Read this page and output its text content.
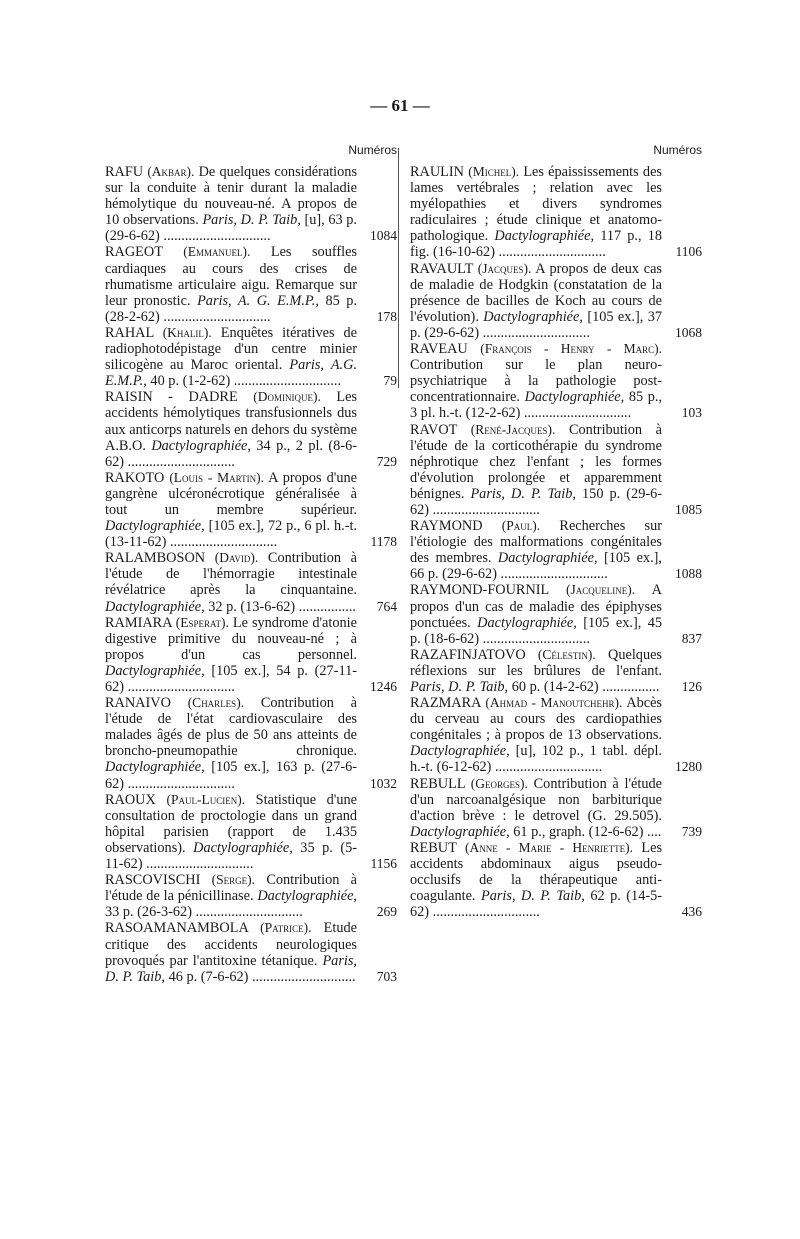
— 61 —
Numéros
RAFU (Akbar). De quelques considérations sur la conduite à tenir durant la maladie hémolytique du nouveau-né. A propos de 10 observations. Paris, D. P. Taib, [u], 63 p. (29-6-62) ..............................	1084
RAGEOT (Emmanuel). Les souffles cardiaques au cours des crises de rhumatisme articulaire aigu. Remarque sur leur pronostic. Paris, A. G. E.M.P., 85 p. (28-2-62) ..............................	178
RAHAL (Khalil). Enquêtes itératives de radiophotodépistage d'un centre minier silicogène au Maroc oriental. Paris, A.G. E.M.P., 40 p. (1-2-62) ..............................	79
RAISIN - DADRE (Dominique). Les accidents hémolytiques transfusionnels dus aux anticorps naturels en dehors du système A.B.O. Dactylographiée, 34 p., 2 pl. (8-6-62) ..............................	729
RAKOTO (Louis - Martin). A propos d'une gangrène ulcéronécrotique généralisée à tout un membre supérieur. Dactylographiée, [105 ex.], 72 p., 6 pl. h.-t. (13-11-62) ..............................	1178
RALAMBOSON (David). Contribution à l'étude de l'hémorragie intestinale révélatrice après la cinquantaine. Dactylographiée, 32 p. (13-6-62) ................ 764
RAMIARA (Esperat). Le syndrome d'atonie digestive primitive du nouveau-né ; à propos d'un cas personnel. Dactylographiée, [105 ex.], 54 p. (27-11-62) ..............................	1246
RANAIVO (Charles). Contribution à l'étude de l'état cardiovasculaire des malades âgés de plus de 50 ans atteints de broncho-pneumopathie chronique. Dactylographiée, [105 ex.], 163 p. (27-6-62) ..............................	1032
RAOUX (Paul-Lucien). Statistique d'une consultation de proctologie dans un grand hôpital parisien (rapport de 1.435 observations). Dactylographiée, 35 p. (5-11-62) ..............................	1156
RASCOVISCHI (Serge). Contribution à l'étude de la pénicillinase. Dactylographiée, 33 p. (26-3-62) ..............................	269
RASOAMANAMBOLA (Patrice). Etude critique des accidents neurologiques provoqués par l'antitoxine tétanique. Paris, D. P. Taib, 46 p. (7-6-62) ............................. 703
Numéros
RAULIN (Michel). Les épaississements des lames vertébrales ; relation avec les myélopathies et divers syndromes radiculaires ; étude clinique et anatomo-pathologique. Dactylographiée, 117 p., 18 fig. (16-10-62) ..............................	1106
RAVAULT (Jacques). A propos de deux cas de maladie de Hodgkin (constatation de la présence de bacilles de Koch au cours de l'évolution). Dactylographiée, [105 ex.], 37 p. (29-6-62) ..............................	1068
RAVEAU (François - Henry - Marc). Contribution sur le plan neuro-psychiatrique à la pathologie post-concentrationnaire. Dactylographiée, 85 p., 3 pl. h.-t. (12-2-62) ..............................	103
RAVOT (René-Jacques). Contribution à l'étude de la corticothérapie du syndrome néphrotique chez l'enfant ; les formes d'évolution prolongée et apparemment bénignes. Paris, D. P. Taib, 150 p. (29-6-62) ..............................	1085
RAYMOND (Paul). Recherches sur l'étiologie des malformations congénitales des membres. Dactylographiée, [105 ex.], 66 p. (29-6-62) ..............................	1088
RAYMOND-FOURNIL (Jacqueline). A propos d'un cas de maladie des épiphyses ponctuées. Dactylographiée, [105 ex.], 45 p. (18-6-62) ..............................	837
RAZAFINJATOVO (Célestin). Quelques réflexions sur les brûlures de l'enfant. Paris, D. P. Taib, 60 p. (14-2-62) ................ 126
RAZMARA (Ahmad - Manoutchehr). Abcès du cerveau au cours des cardiopathies congénitales ; à propos de 13 observations. Dactylographiée, [u], 102 p., 1 tabl. dépl. h.-t. (6-12-62) ..............................	1280
REBULL (Georges). Contribution à l'étude d'un narcoanalgésique non barbiturique d'action brève : le detrovel (G. 29.505). Dactylographiée, 61 p., graph. (12-6-62) .... 739
REBUT (Anne - Marie - Henriette). Les accidents abdominaux aigus pseudo-occlusifs de la thérapeutique anti-coagulante. Paris, D. P. Taib, 62 p. (14-5-62) ..............................	436
